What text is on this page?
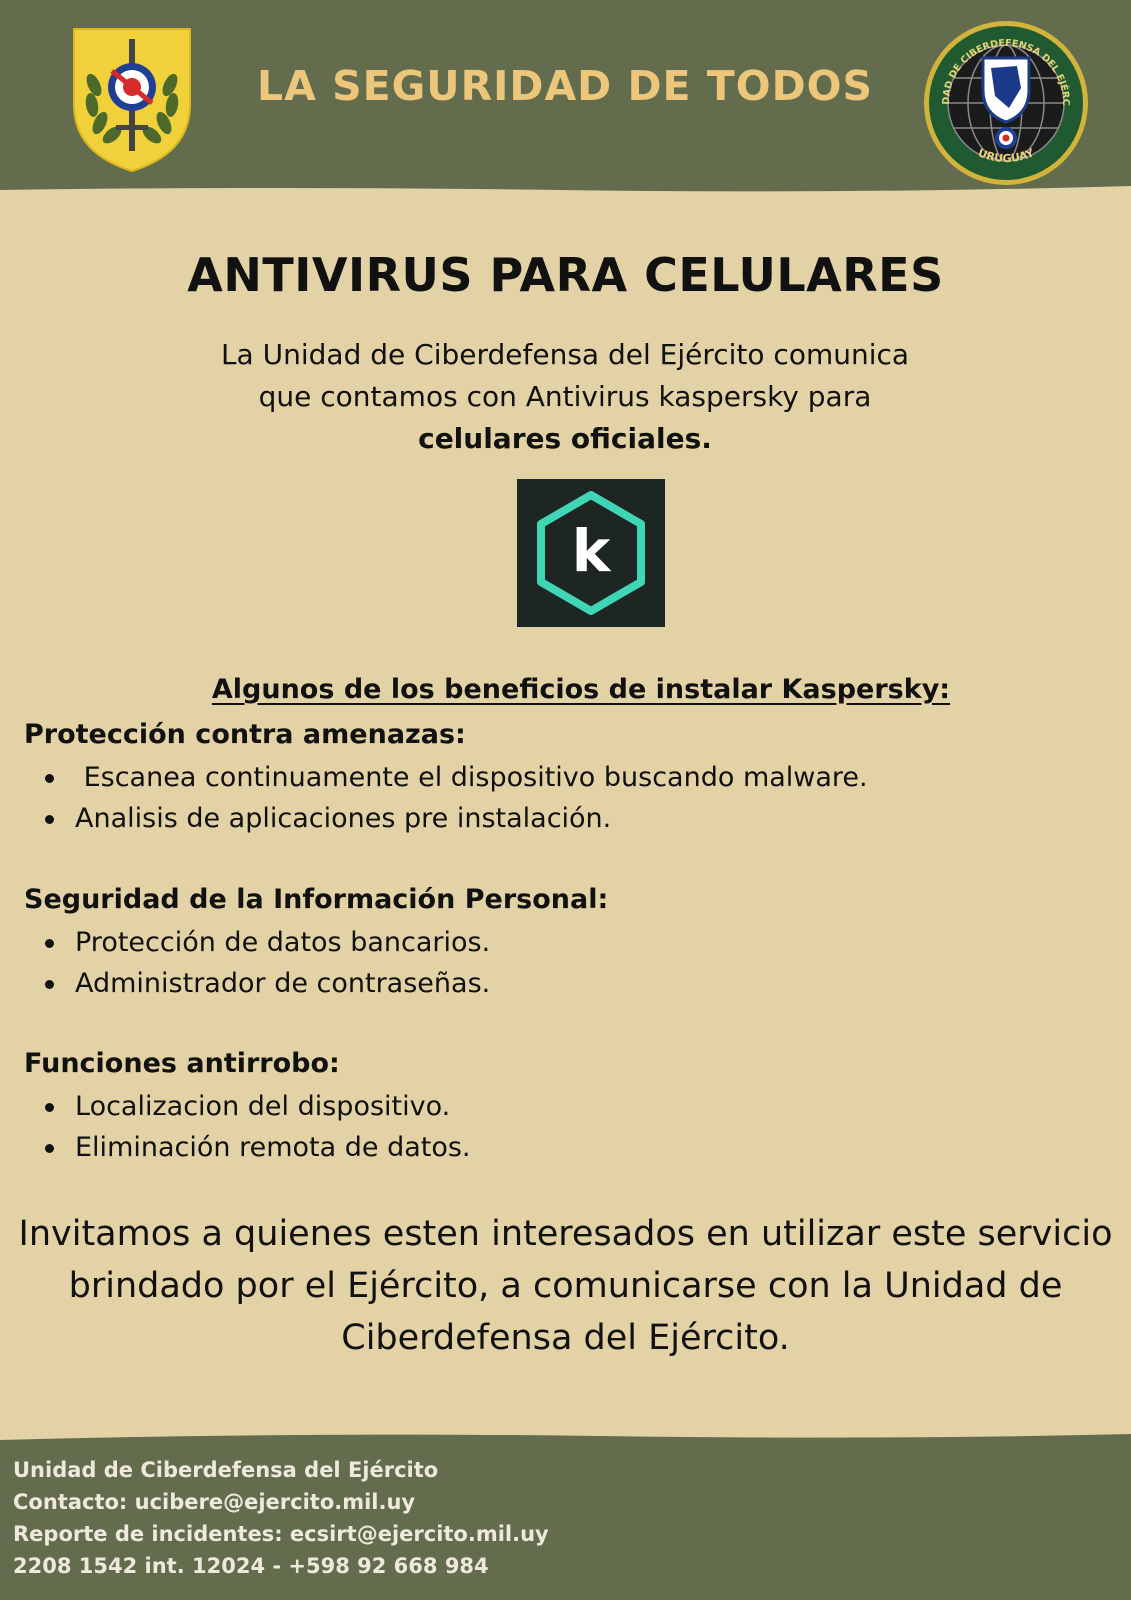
LA SEGURIDAD DE TODOS	DAD DE CIBERDEFENSA DEL EJÉRC
URUGUAY
ANTIVIRUS PARA CELULARES
La Unidad de Ciberdefensa del Ejército comunica
que contamos con Antivirus kaspersky para
celulares oficiales.
k
Algunos de los beneficios de instalar Kaspersky:
Protección contra amenazas:
Escanea continuamente el dispositivo buscando malware.
Analisis de aplicaciones pre instalación.
Seguridad de la Información Personal:
Protección de datos bancarios.
Administrador de contraseñas.
Funciones antirrobo:
Localizacion del dispositivo.
Eliminación remota de datos.
Invitamos a quienes esten interesados en utilizar este servicio
brindado por el Ejército, a comunicarse con la Unidad de
Ciberdefensa del Ejército.
Unidad de Ciberdefensa del Ejército
Contacto: ucibere@ejercito.mil.uy
Reporte de incidentes: ecsirt@ejercito.mil.uy
2208 1542 int. 12024 - +598 92 668 984
